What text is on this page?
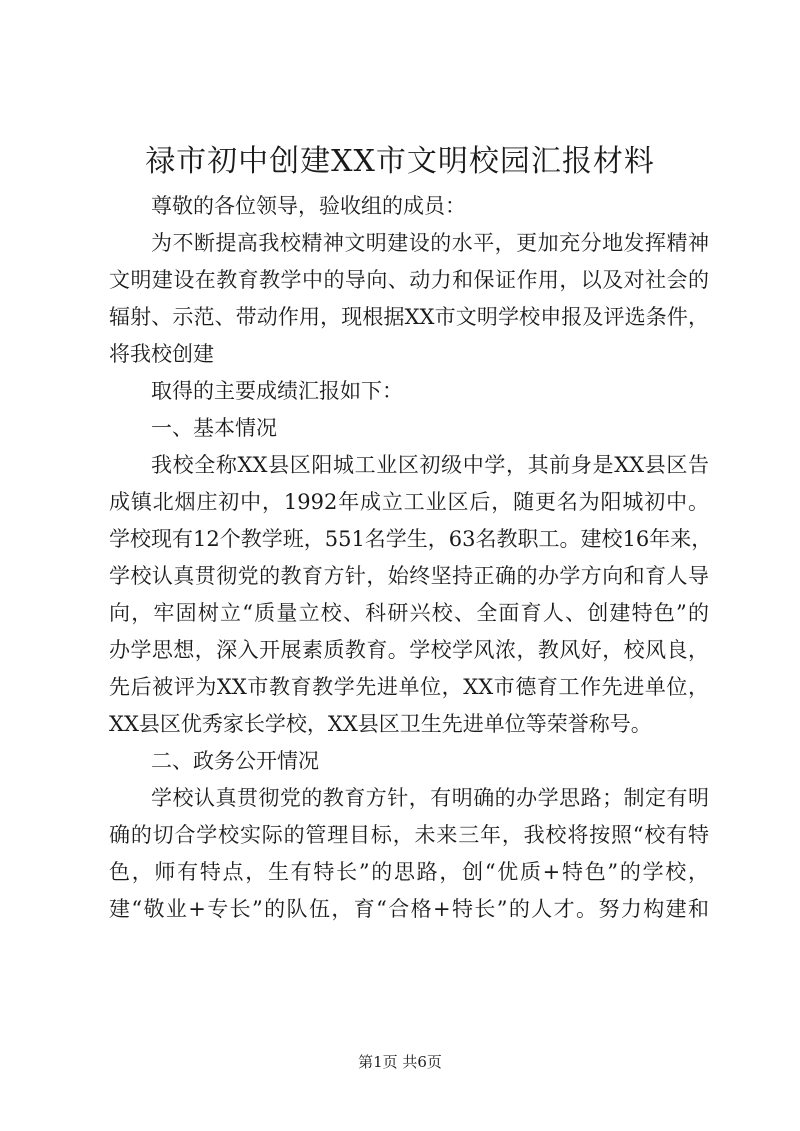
禄市初中创建XX市文明校园汇报材料

尊敬的各位领导，验收组的成员：

为不断提高我校精神文明建设的水平，更加充分地发挥精神
文明建设在教育教学中的导向、动力和保证作用，以及对社会的
辐射、示范、带动作用，现根据XX市文明学校申报及评选条件，
将我校创建

取得的主要成绩汇报如下：

一、基本情况

我校全称XX县区阳城工业区初级中学，其前身是XX县区告
成镇北烟庄初中，1992年成立工业区后，随更名为阳城初中。
学校现有12个教学班，551名学生，63名教职工。建校16年来，
学校认真贯彻党的教育方针，始终坚持正确的办学方向和育人导
向，牢固树立“质量立校、科研兴校、全面育人、创建特色”的
办学思想，深入开展素质教育。学校学风浓，教风好，校风良，
先后被评为XX市教育教学先进单位，XX市德育工作先进单位，
XX县区优秀家长学校，XX县区卫生先进单位等荣誉称号。

二、政务公开情况

学校认真贯彻党的教育方针，有明确的办学思路；制定有明
确的切合学校实际的管理目标，未来三年，我校将按照“校有特
色，师有特点，生有特长”的思路，创“优质+特色”的学校，
建“敬业+专长”的队伍，育“合格+特长”的人才。努力构建和

第1页 共6页
